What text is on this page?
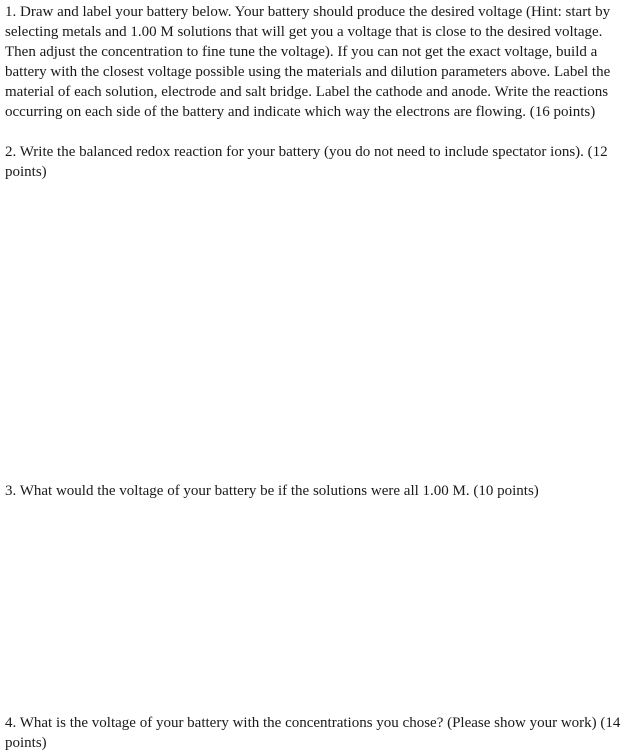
1. Draw and label your battery below. Your battery should produce the desired voltage (Hint: start by selecting metals and 1.00 M solutions that will get you a voltage that is close to the desired voltage. Then adjust the concentration to fine tune the voltage). If you can not get the exact voltage, build a battery with the closest voltage possible using the materials and dilution parameters above. Label the material of each solution, electrode and salt bridge. Label the cathode and anode. Write the reactions occurring on each side of the battery and indicate which way the electrons are flowing. (16 points)

2. Write the balanced redox reaction for your battery (you do not need to include spectator ions). (12 points)

3. What would the voltage of your battery be if the solutions were all 1.00 M. (10 points)

4. What is the voltage of your battery with the concentrations you chose? (Please show your work) (14 points)
